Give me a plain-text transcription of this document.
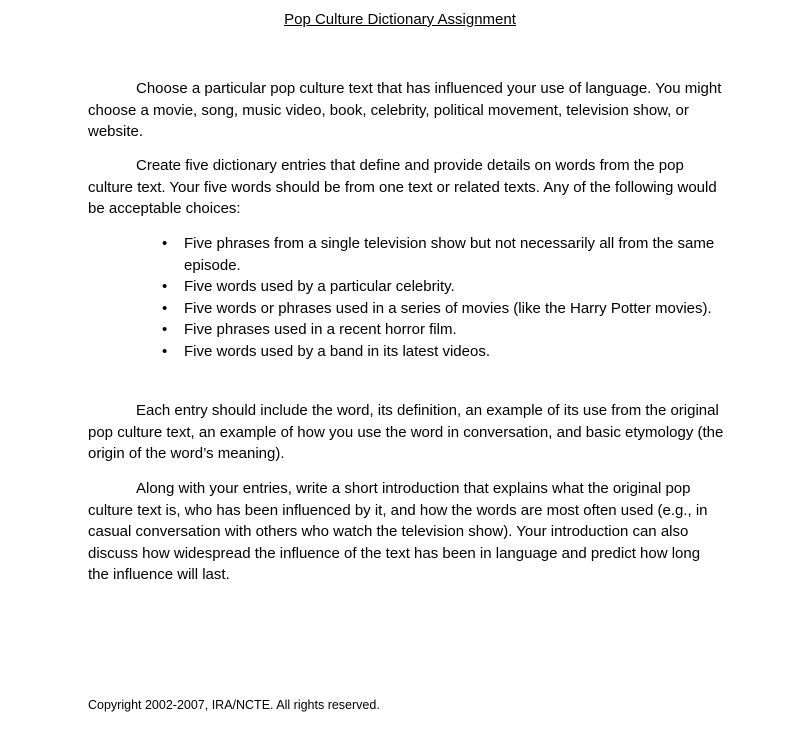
Pop Culture Dictionary Assignment

Choose a particular pop culture text that has influenced your use of language. You might choose a movie, song, music video, book, celebrity, political movement, television show, or website.

Create five dictionary entries that define and provide details on words from the pop culture text. Your five words should be from one text or related texts. Any of the following would be acceptable choices:

• Five phrases from a single television show but not necessarily all from the same episode.
• Five words used by a particular celebrity.
• Five words or phrases used in a series of movies (like the Harry Potter movies).
• Five phrases used in a recent horror film.
• Five words used by a band in its latest videos.

Each entry should include the word, its definition, an example of its use from the original pop culture text, an example of how you use the word in conversation, and basic etymology (the origin of the word’s meaning).

Along with your entries, write a short introduction that explains what the original pop culture text is, who has been influenced by it, and how the words are most often used (e.g., in casual conversation with others who watch the television show). Your introduction can also discuss how widespread the influence of the text has been in language and predict how long the influence will last.

Copyright 2002-2007, IRA/NCTE. All rights reserved.
